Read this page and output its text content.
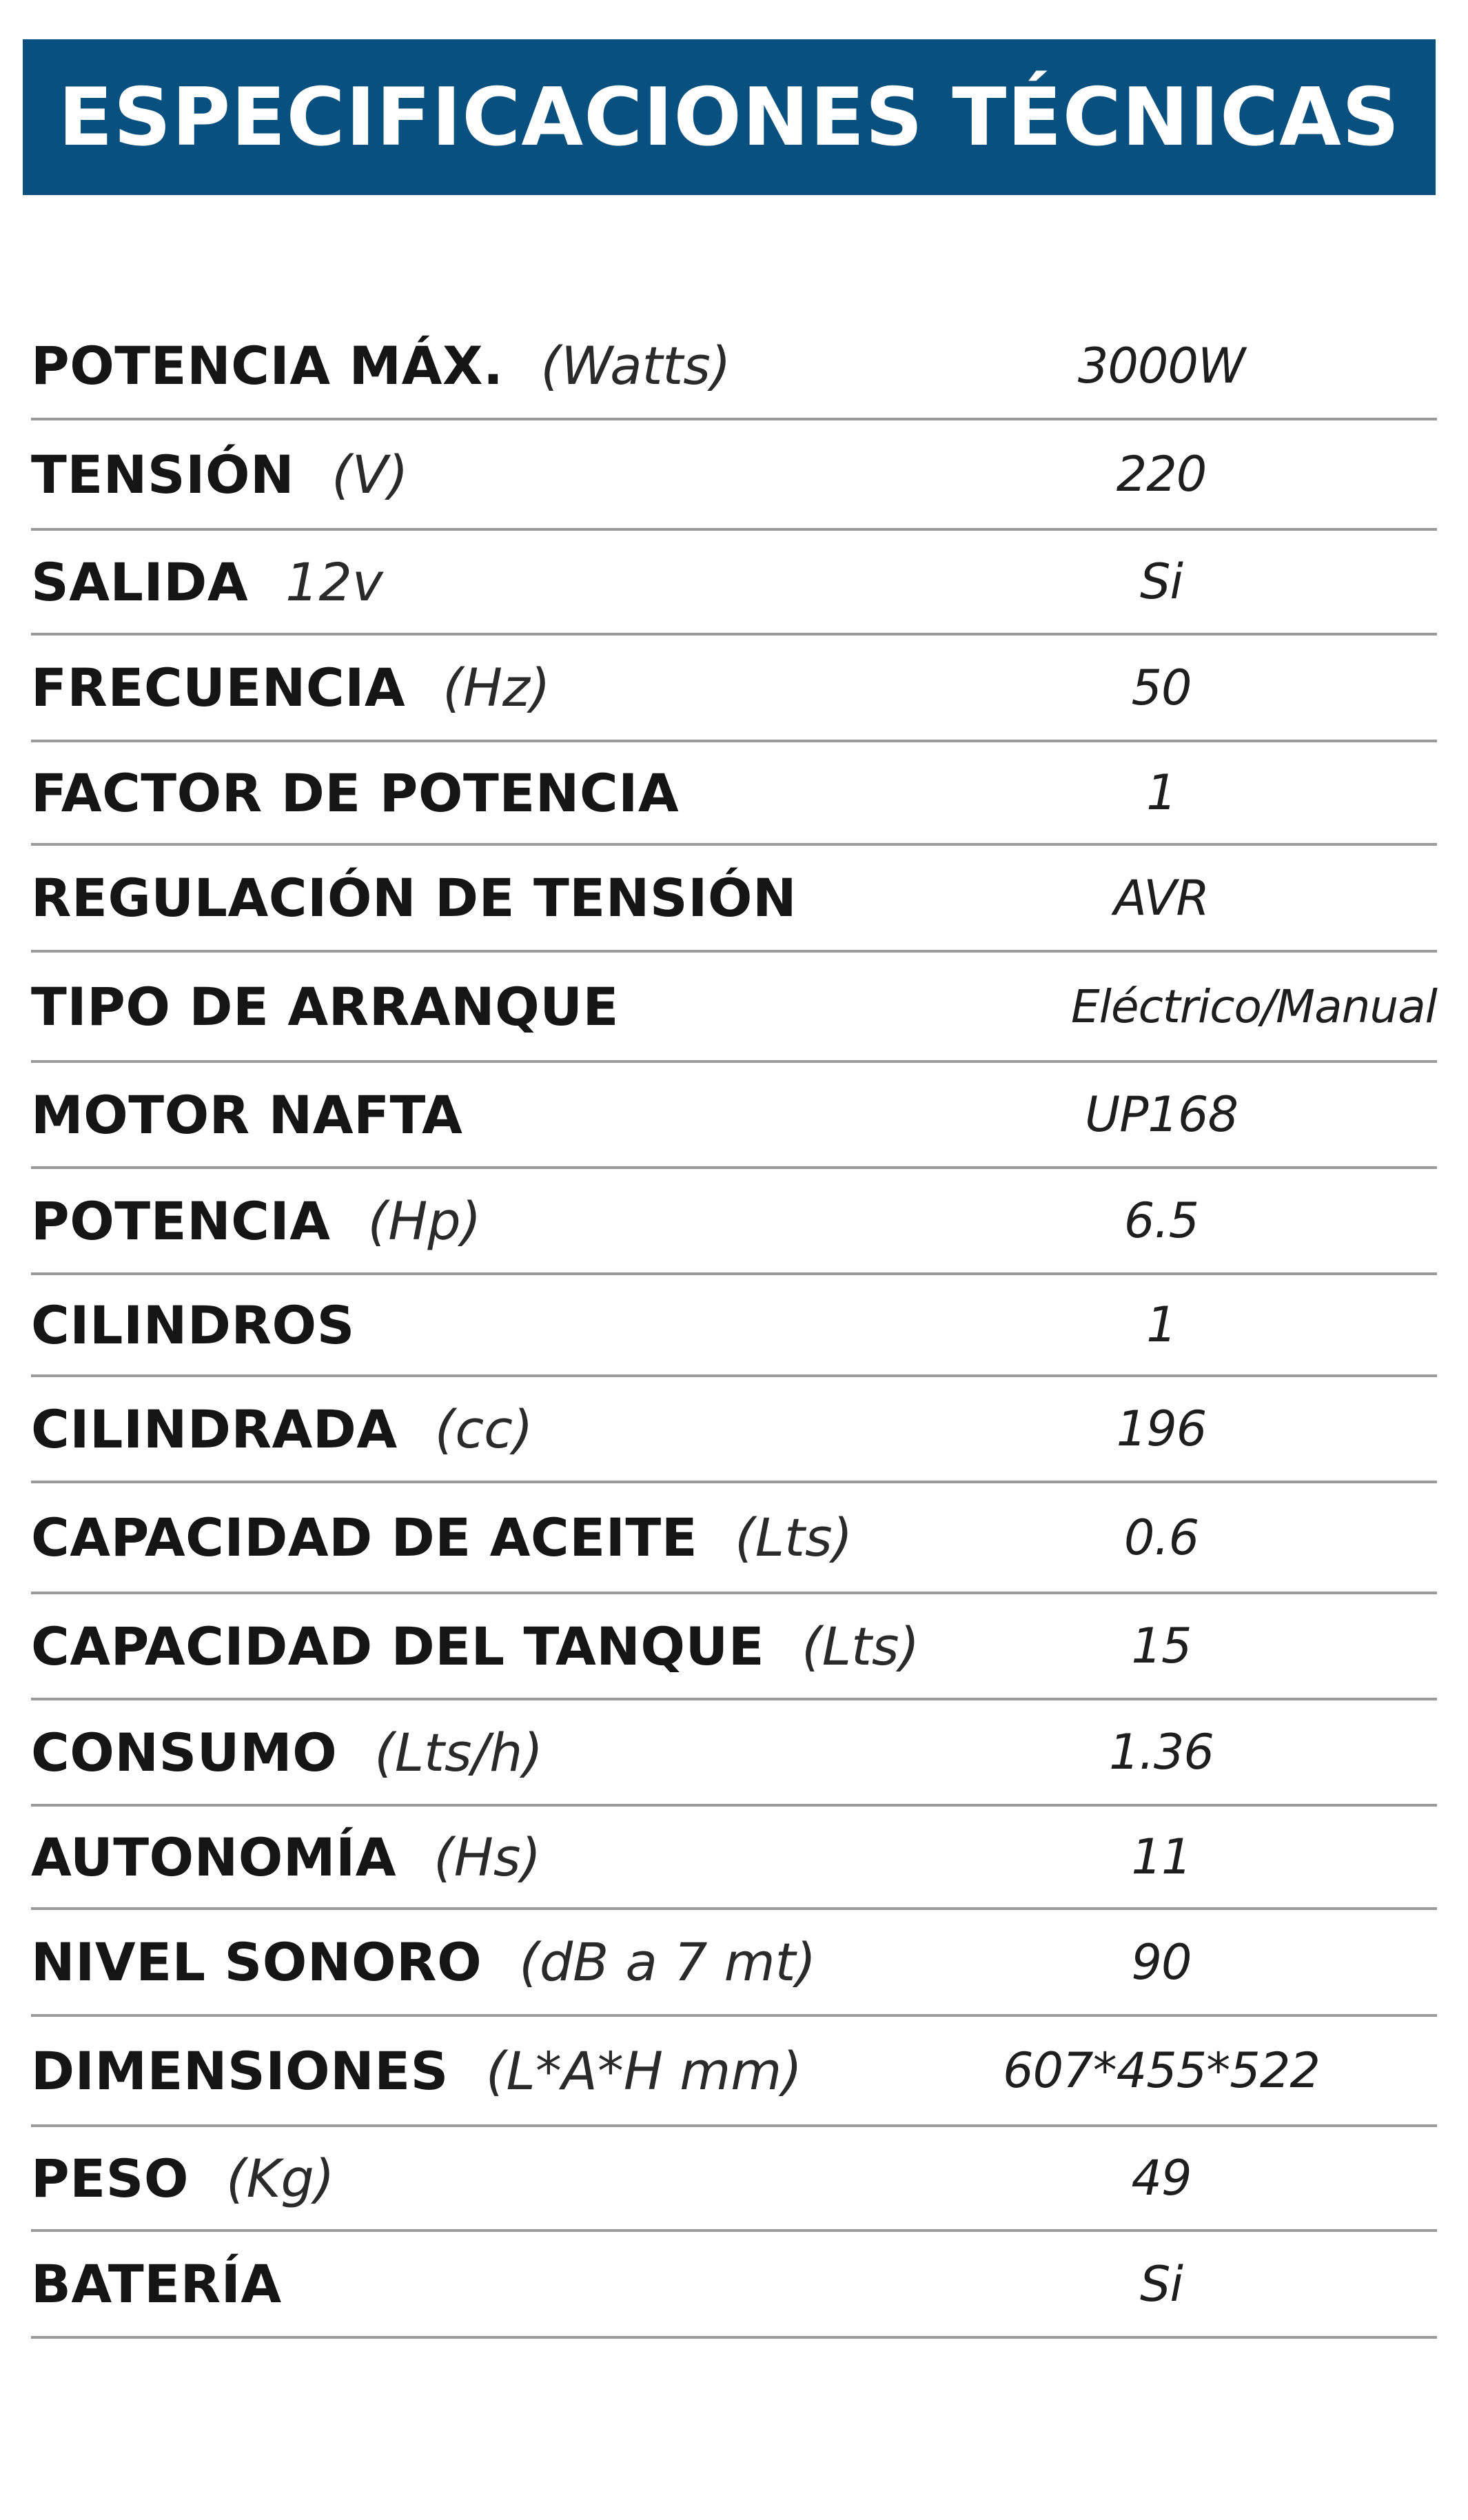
ESPECIFICACIONES TÉCNICAS
POTENCIA MÁX. (Watts)	3000W
TENSIÓN (V)	220
SALIDA 12v	Si
FRECUENCIA (Hz)	50
FACTOR DE POTENCIA	1
REGULACIÓN DE TENSIÓN	AVR
TIPO DE ARRANQUE	Eléctrico/Manual
MOTOR NAFTA	UP168
POTENCIA (Hp)	6.5
CILINDROS	1
CILINDRADA (cc)	196
CAPACIDAD DE ACEITE (Lts)	0.6
CAPACIDAD DEL TANQUE (Lts)	15
CONSUMO (Lts/h)	1.36
AUTONOMÍA (Hs)	11
NIVEL SONORO (dB a 7 mt)	90
DIMENSIONES (L*A*H mm)	607*455*522
PESO (Kg)	49
BATERÍA	Si
